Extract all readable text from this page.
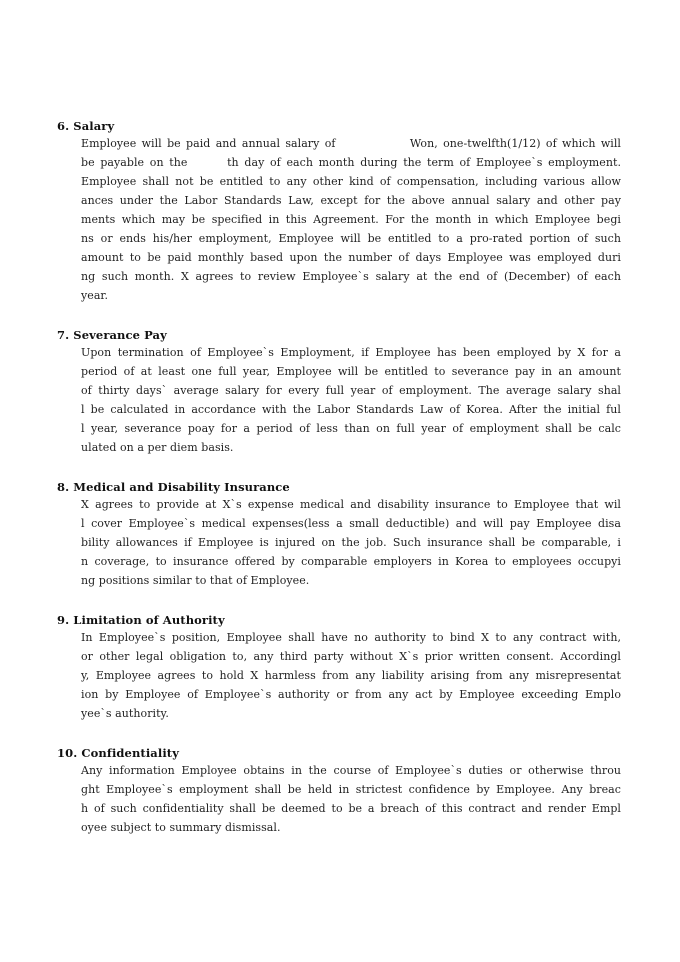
6. Salary
Employee will be paid and annual salary of              Won, one-twelfth(1/12) of which will
be payable on the       th day of each month during the term of Employee`s employment.
Employee shall not be entitled to any other kind of compensation, including various allow
ances under the Labor Standards Law, except for the above annual salary and other pay
ments which may be specified in this Agreement. For the month in which Employee begi
ns or ends his/her employment, Employee will be entitled to a pro-rated portion of such
amount to be paid monthly based upon the number of days Employee was employed duri
ng such month. X agrees to review Employee`s salary at the end of (December) of each
year.
7. Severance Pay
Upon termination of Employee`s Employment, if Employee has been employed by X for a
period of at least one full year, Employee will be entitled to severance pay in an amount
of thirty days` average salary for every full year of employment. The average salary shal
l be calculated in accordance with the Labor Standards Law of Korea. After the initial ful
l year, severance poay for a period of less than on full year of employment shall be calc
ulated on a per diem basis.
8. Medical and Disability Insurance
X agrees to provide at X`s expense medical and disability insurance to Employee that wil
l cover Employee`s medical expenses(less a small deductible) and will pay Employee disa
bility allowances if Employee is injured on the job. Such insurance shall be comparable, i
n coverage, to insurance offered by comparable employers in Korea to employees occupyi
ng positions similar to that of Employee.
9. Limitation of Authority
In Employee`s position, Employee shall have no authority to bind X to any contract with,
or other legal obligation to, any third party without X`s prior written consent. Accordingl
y, Employee agrees to hold X harmless from any liability arising from any misrepresentat
ion by Employee of Employee`s authority or from any act by Employee exceeding Emplo
yee`s authority.
10. Confidentiality
Any information Employee obtains in the course of Employee`s duties or otherwise throu
ght Employee`s employment shall be held in strictest confidence by Employee. Any breac
h of such confidentiality shall be deemed to be a breach of this contract and render Empl
oyee subject to summary dismissal.
